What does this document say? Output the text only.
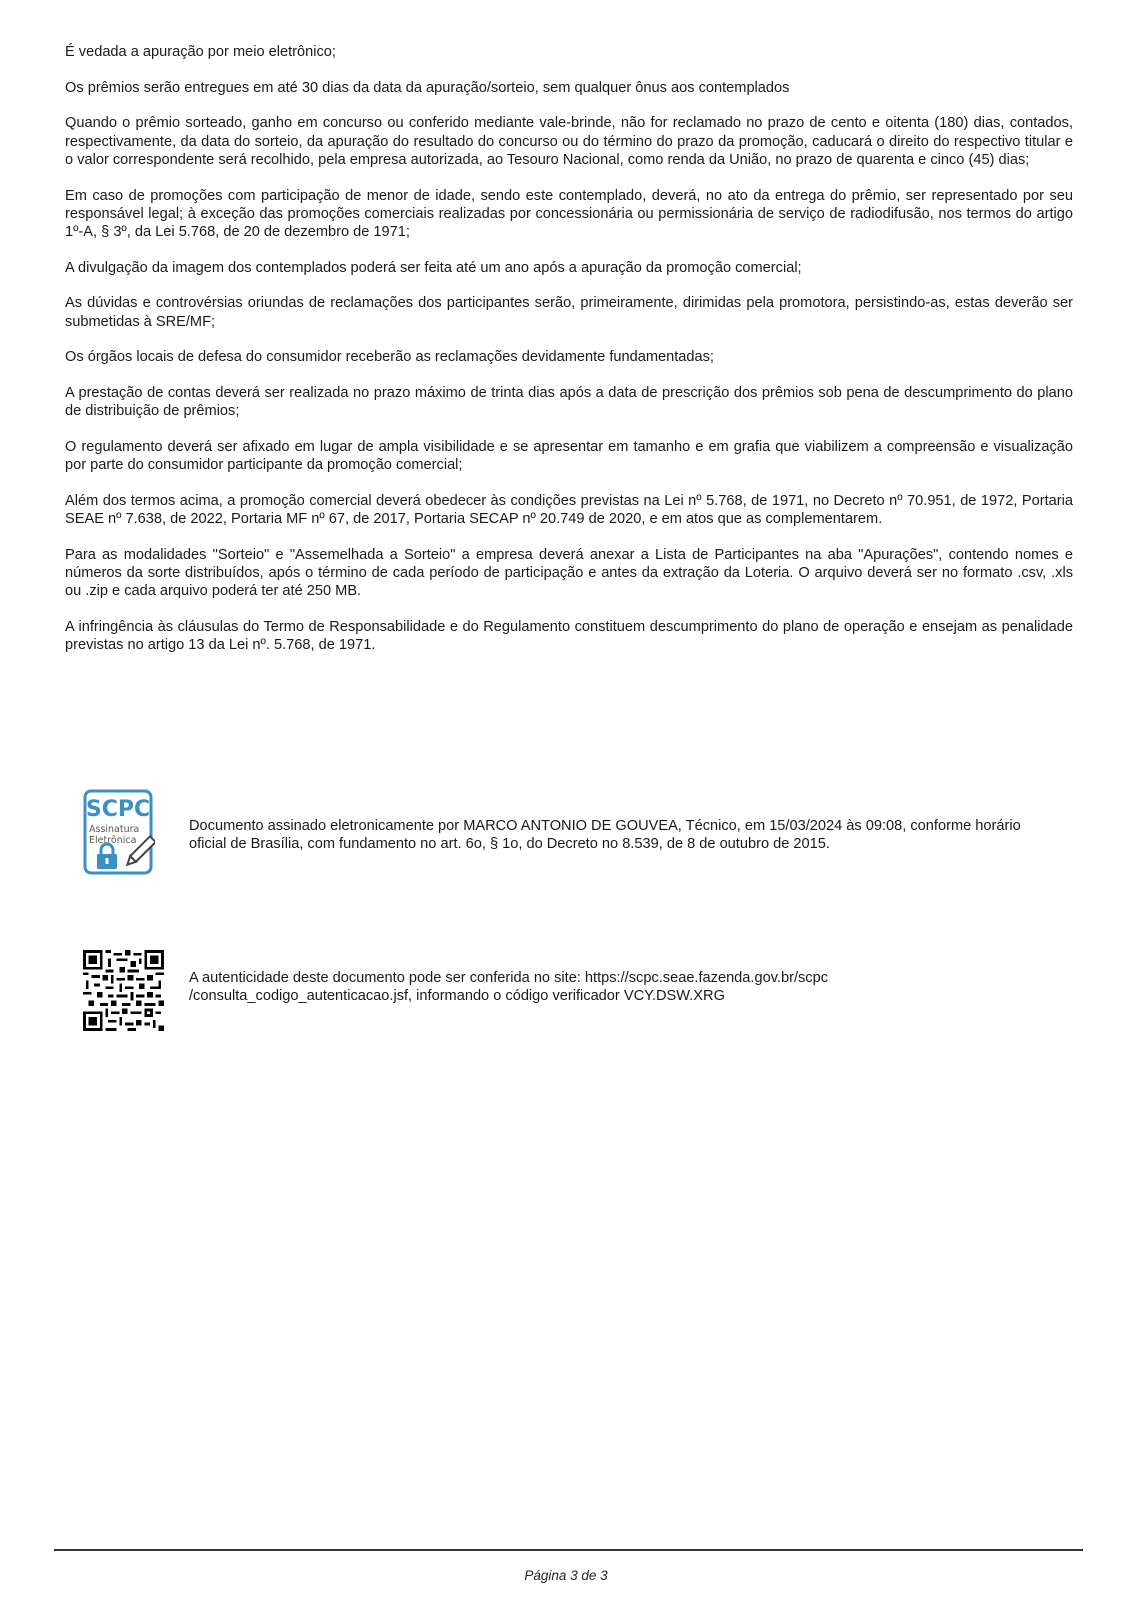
É vedada a apuração por meio eletrônico;

Os prêmios serão entregues em até 30 dias da data da apuração/sorteio, sem qualquer ônus aos contemplados

Quando o prêmio sorteado, ganho em concurso ou conferido mediante vale-brinde, não for reclamado no prazo de cento e oitenta (180) dias, contados, respectivamente, da data do sorteio, da apuração do resultado do concurso ou do término do prazo da promoção, caducará o direito do respectivo titular e o valor correspondente será recolhido, pela empresa autorizada, ao Tesouro Nacional, como renda da União, no prazo de quarenta e cinco (45) dias;

Em caso de promoções com participação de menor de idade, sendo este contemplado, deverá, no ato da entrega do prêmio, ser representado por seu responsável legal; à exceção das promoções comerciais realizadas por concessionária ou permissionária de serviço de radiodifusão, nos termos do artigo 1º-A, § 3º, da Lei 5.768, de 20 de dezembro de 1971;

A divulgação da imagem dos contemplados poderá ser feita até um ano após a apuração da promoção comercial;

As dúvidas e controvérsias oriundas de reclamações dos participantes serão, primeiramente, dirimidas pela promotora, persistindo-as, estas deverão ser submetidas à SRE/MF;

Os órgãos locais de defesa do consumidor receberão as reclamações devidamente fundamentadas;

A prestação de contas deverá ser realizada no prazo máximo de trinta dias após a data de prescrição dos prêmios sob pena de descumprimento do plano de distribuição de prêmios;

O regulamento deverá ser afixado em lugar de ampla visibilidade e se apresentar em tamanho e em grafia que viabilizem a compreensão e visualização por parte do consumidor participante da promoção comercial;

Além dos termos acima, a promoção comercial deverá obedecer às condições previstas na Lei nº 5.768, de 1971, no Decreto nº 70.951, de 1972, Portaria SEAE nº 7.638, de 2022, Portaria MF nº 67, de 2017, Portaria SECAP nº 20.749 de 2020, e em atos que as complementarem.

Para as modalidades "Sorteio" e "Assemelhada a Sorteio" a empresa deverá anexar a Lista de Participantes na aba "Apurações", contendo nomes e números da sorte distribuídos, após o término de cada período de participação e antes da extração da Loteria. O arquivo deverá ser no formato .csv, .xls ou .zip e cada arquivo poderá ter até 250 MB.

A infringência às cláusulas do Termo de Responsabilidade e do Regulamento constituem descumprimento do plano de operação e ensejam as penalidade previstas no artigo 13 da Lei nº. 5.768, de 1971.

SCPC
Assinatura
Eletrônica
Documento assinado eletronicamente por MARCO ANTONIO DE GOUVEA, Técnico, em 15/03/2024 às 09:08, conforme horário oficial de Brasília, com fundamento no art. 6o, § 1o, do Decreto no 8.539, de 8 de outubro de 2015.
A autenticidade deste documento pode ser conferida no site: https://scpc.seae.fazenda.gov.br/scpc
/consulta_codigo_autenticacao.jsf, informando o código verificador VCY.DSW.XRG
Página 3 de 3
